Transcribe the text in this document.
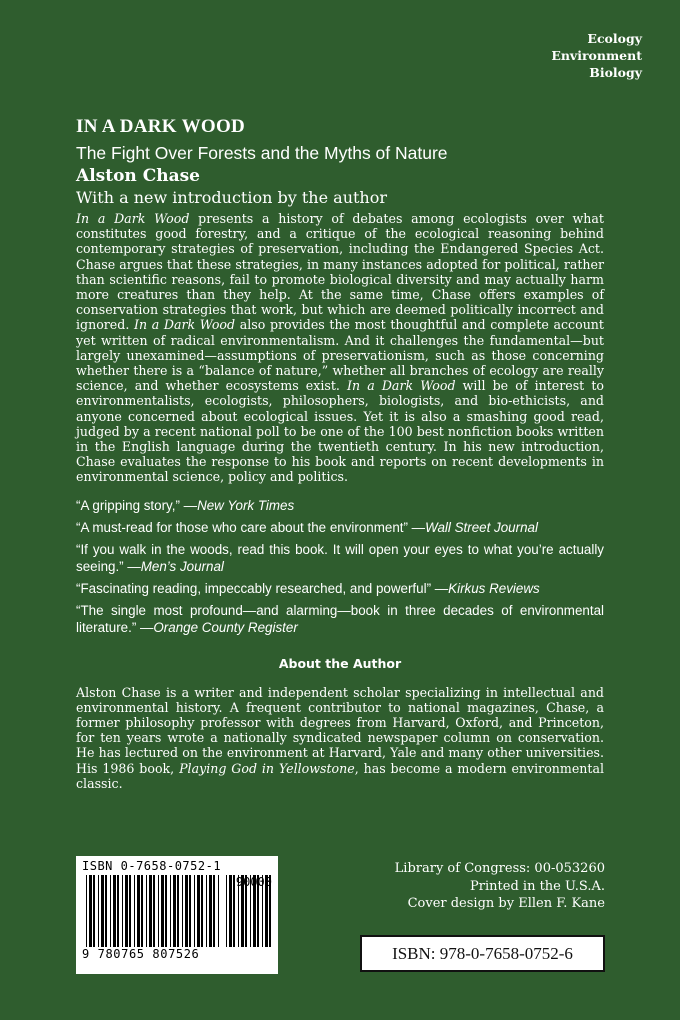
Ecology
Environment
Biology
IN A DARK WOOD
The Fight Over Forests and the Myths of Nature
Alston Chase
With a new introduction by the author

In a Dark Wood presents a history of debates among ecologists over what constitutes good forestry, and a critique of the ecological reasoning behind contemporary strategies of preservation, including the Endangered Species Act. Chase argues that these strategies, in many instances adopted for political, rather than scientific reasons, fail to promote biological diversity and may actually harm more creatures than they help. At the same time, Chase offers examples of conservation strategies that work, but which are deemed politically incorrect and ignored. In a Dark Wood also provides the most thoughtful and complete account yet written of radical environmentalism. And it challenges the fundamental—but largely unexamined—assumptions of preservationism, such as those concerning whether there is a “balance of nature,” whether all branches of ecology are really science, and whether ecosystems exist. In a Dark Wood will be of interest to environmentalists, ecologists, philosophers, biologists, and bio-ethicists, and anyone concerned about ecological issues. Yet it is also a smashing good read, judged by a recent national poll to be one of the 100 best nonfiction books written in the English language during the twentieth century. In his new introduction, Chase evaluates the response to his book and reports on recent developments in environmental science, policy and politics.

“A gripping story,” —New York Times

“A must-read for those who care about the environment” —Wall Street Journal

“If you walk in the woods, read this book. It will open your eyes to what you’re actually seeing.” —Men’s Journal

“Fascinating reading, impeccably researched, and powerful” —Kirkus Reviews

“The single most profound—and alarming—book in three decades of environmental literature.” —Orange County Register

About the Author

Alston Chase is a writer and independent scholar specializing in intellectual and environmental history. A frequent contributor to national magazines, Chase, a former philosophy professor with degrees from Harvard, Oxford, and Princeton, for ten years wrote a nationally syndicated newspaper column on conservation. He has lectured on the environment at Harvard, Yale and many other universities. His 1986 book, Playing God in Yellowstone, has become a modern environmental classic.

ISBN 0-7658-0752-1
90000
9 780765 807526
Library of Congress: 00-053260
Printed in the U.S.A.
Cover design by Ellen F. Kane
ISBN: 978-0-7658-0752-6
